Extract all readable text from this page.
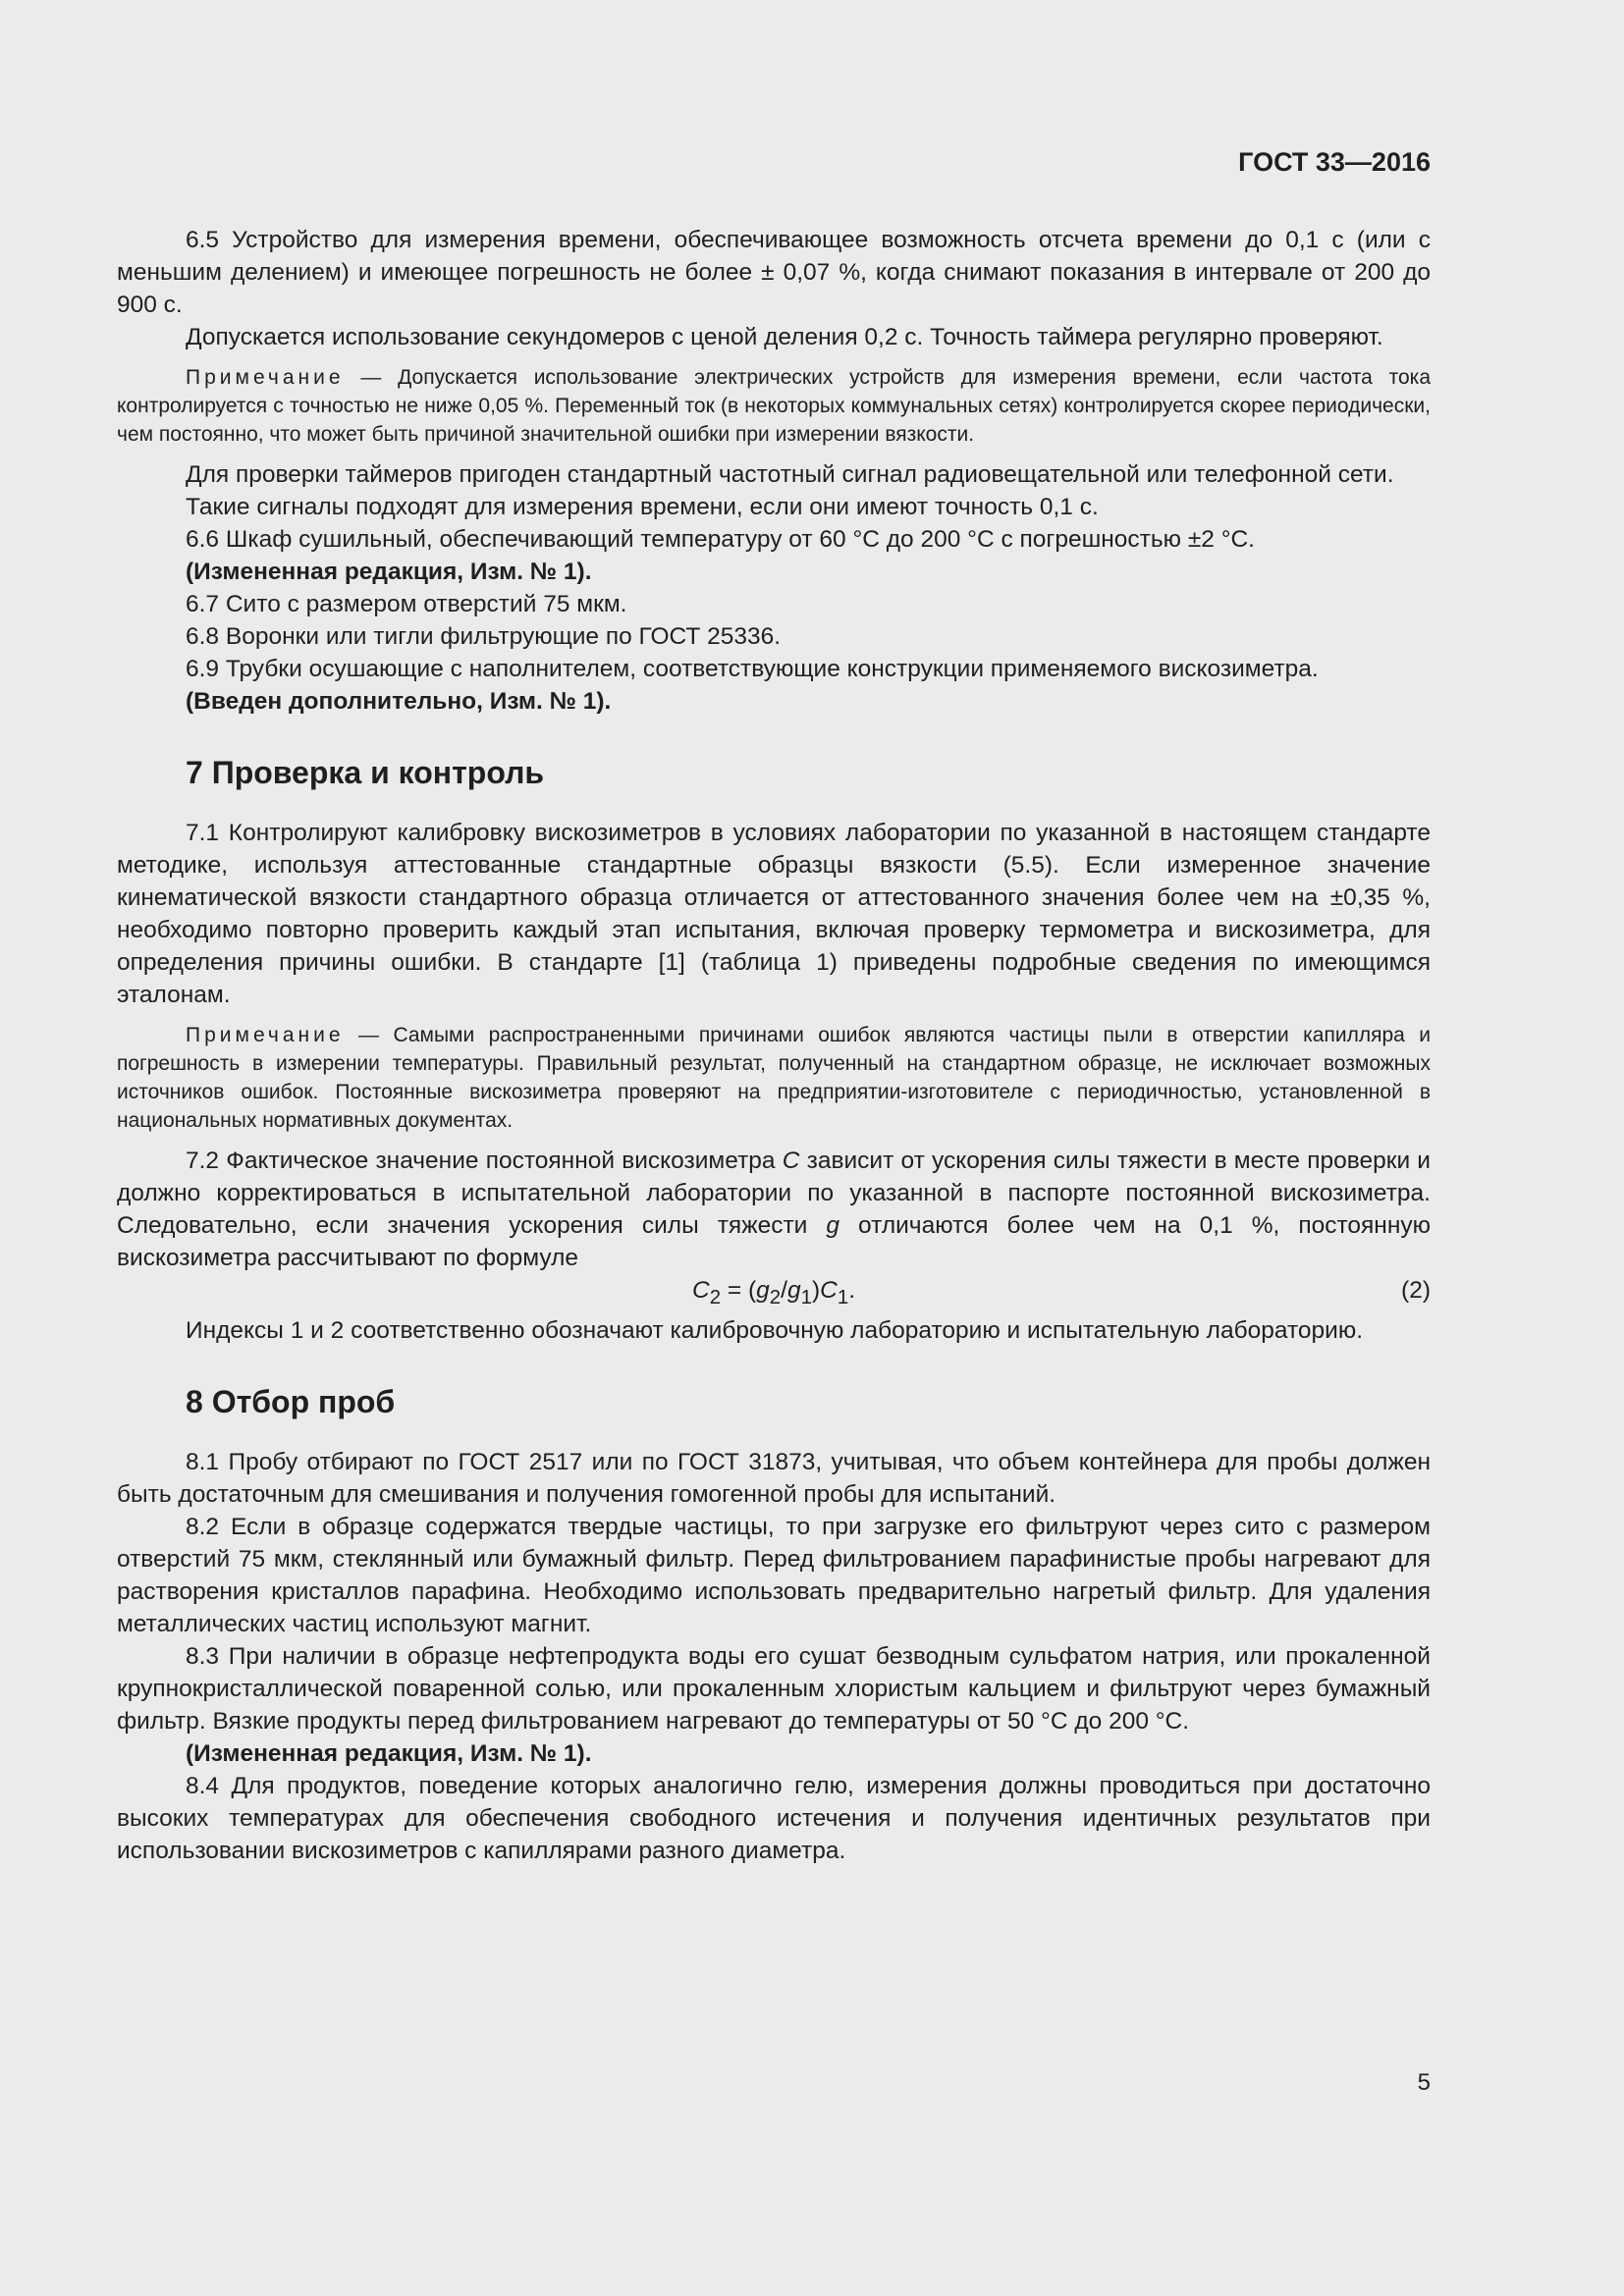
ГОСТ 33—2016

6.5 Устройство для измерения времени, обеспечивающее возможность отсчета времени до 0,1 с (или с меньшим делением) и имеющее погрешность не более ± 0,07 %, когда снимают показания в интервале от 200 до 900 с.

Допускается использование секундомеров с ценой деления 0,2 с. Точность таймера регулярно проверяют.

Примечание — Допускается использование электрических устройств для измерения времени, если частота тока контролируется с точностью не ниже 0,05 %. Переменный ток (в некоторых коммунальных сетях) контролируется скорее периодически, чем постоянно, что может быть причиной значительной ошибки при измерении вязкости.

Для проверки таймеров пригоден стандартный частотный сигнал радиовещательной или телефонной сети.

Такие сигналы подходят для измерения времени, если они имеют точность 0,1 с.

6.6 Шкаф сушильный, обеспечивающий температуру от 60 °С до 200 °С с погрешностью ±2 °С.

(Измененная редакция, Изм. № 1).

6.7 Сито с размером отверстий 75 мкм.

6.8 Воронки или тигли фильтрующие по ГОСТ 25336.

6.9 Трубки осушающие с наполнителем, соответствующие конструкции применяемого вискозиметра.

(Введен дополнительно, Изм. № 1).

7 Проверка и контроль

7.1 Контролируют калибровку вискозиметров в условиях лаборатории по указанной в настоящем стандарте методике, используя аттестованные стандартные образцы вязкости (5.5). Если измеренное значение кинематической вязкости стандартного образца отличается от аттестованного значения более чем на ±0,35 %, необходимо повторно проверить каждый этап испытания, включая проверку термометра и вискозиметра, для определения причины ошибки. В стандарте [1] (таблица 1) приведены подробные сведения по имеющимся эталонам.

Примечание — Самыми распространенными причинами ошибок являются частицы пыли в отверстии капилляра и погрешность в измерении температуры. Правильный результат, полученный на стандартном образце, не исключает возможных источников ошибок. Постоянные вискозиметра проверяют на предприятии-изготовителе с периодичностью, установленной в национальных нормативных документах.

7.2 Фактическое значение постоянной вискозиметра C зависит от ускорения силы тяжести в месте проверки и должно корректироваться в испытательной лаборатории по указанной в паспорте постоянной вискозиметра. Следовательно, если значения ускорения силы тяжести g отличаются более чем на 0,1 %, постоянную вискозиметра рассчитывают по формуле

$C_2 = (g_2/g_1)C_1$.	(2)

Индексы 1 и 2 соответственно обозначают калибровочную лабораторию и испытательную лабораторию.

8 Отбор проб

8.1 Пробу отбирают по ГОСТ 2517 или по ГОСТ 31873, учитывая, что объем контейнера для пробы должен быть достаточным для смешивания и получения гомогенной пробы для испытаний.

8.2 Если в образце содержатся твердые частицы, то при загрузке его фильтруют через сито с размером отверстий 75 мкм, стеклянный или бумажный фильтр. Перед фильтрованием парафинистые пробы нагревают для растворения кристаллов парафина. Необходимо использовать предварительно нагретый фильтр. Для удаления металлических частиц используют магнит.

8.3 При наличии в образце нефтепродукта воды его сушат безводным сульфатом натрия, или прокаленной крупнокристаллической поваренной солью, или прокаленным хлористым кальцием и фильтруют через бумажный фильтр. Вязкие продукты перед фильтрованием нагревают до температуры от 50 °С до 200 °С.

(Измененная редакция, Изм. № 1).

8.4 Для продуктов, поведение которых аналогично гелю, измерения должны проводиться при достаточно высоких температурах для обеспечения свободного истечения и получения идентичных результатов при использовании вискозиметров с капиллярами разного диаметра.

5
